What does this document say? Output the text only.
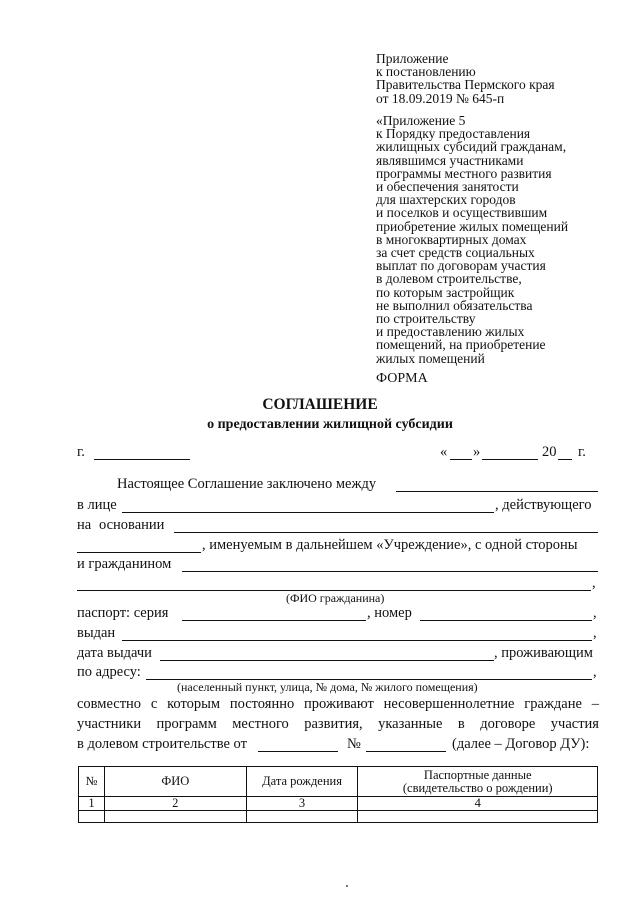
Приложение
к постановлению
Правительства Пермского края
от 18.09.2019 № 645-п
«Приложение 5
к Порядку предоставления
жилищных субсидий гражданам,
являвшимся участниками
программы местного развития
и обеспечения занятости
для шахтерских городов
и поселков и осуществившим
приобретение жилых помещений
в многоквартирных домах
за счет средств социальных
выплат по договорам участия
в долевом строительстве,
по которым застройщик
не выполнил обязательства
по строительству
и предоставлению жилых
помещений, на приобретение
жилых помещений
ФОРМА
СОГЛАШЕНИЕ
о предоставлении жилищной субсидии
г.	« »	20 г.
Настоящее Соглашение заключено между
в лице	, действующего
на основании
, именуемым в дальнейшем «Учреждение», с одной стороны
и гражданином
,
(ФИО гражданина)
паспорт: серия	, номер	,
выдан	,
дата выдачи	, проживающим
по адресу:	,
(населенный пункт, улица, № дома, № жилого помещения)
совместно с которым постоянно проживают несовершеннолетние граждане –
участники программ местного развития, указанные в договоре участия
в долевом строительстве от	№	(далее – Договор ДУ):
№	ФИО	Дата рождения	Паспортные данные
(свидетельство о рождении)

1	2	3	4
